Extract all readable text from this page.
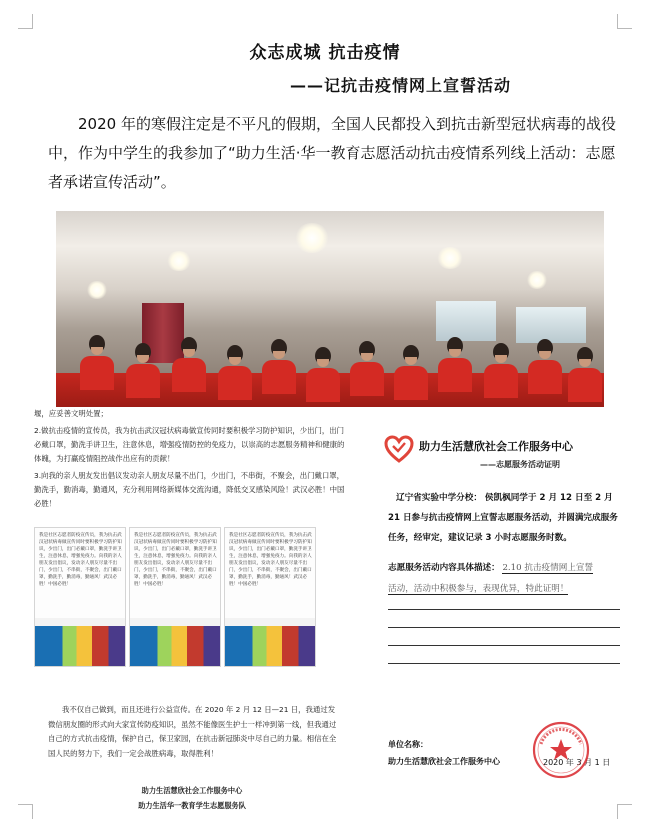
众志成城 抗击疫情
——记抗击疫情网上宣誓活动
2020 年的寒假注定是不平凡的假期，全国人民都投入到抗击新型冠状病毒的战役中，作为中学生的我参加了“助力生活·华一教育志愿活动抗击疫情系列线上活动：志愿者承诺宣传活动”。

堰，应妥善文明处置；

2.做抗击疫情的宣传员，我为抗击武汉冠状病毒做宣传同时要积极学习防护知识，少出门，出门必戴口罩，勤洗手讲卫生，注意休息，增强疫情防控的免疫力，以崇高的志愿服务精神和健康的体魄，为打赢疫情阻控战作出应有的贡献！

3.向我的亲人朋友发出倡议发动亲人朋友尽量不出门，少出门，不串街，不聚会，出门戴口罩，勤洗手，勤消毒，勤通风，充分利用网络新媒体交流沟通，降低交叉感染风险！武汉必胜！中国必胜！

我是社区志愿者防疫宣传员，我为抗击武汉冠状病毒做宣传同时要积极学习防护知识，少出门，出门必戴口罩，勤洗手讲卫生，注意休息，增强免疫力。向我的亲人朋友发出倡议，发动亲人朋友尽量不出门，少出门，不串街，不聚会，出门戴口罩，勤洗手，勤消毒，勤通风！武汉必胜！中国必胜！
我是社区志愿者防疫宣传员，我为抗击武汉冠状病毒做宣传同时要积极学习防护知识，少出门，出门必戴口罩，勤洗手讲卫生，注意休息，增强免疫力。向我的亲人朋友发出倡议，发动亲人朋友尽量不出门，少出门，不串街，不聚会，出门戴口罩，勤洗手，勤消毒，勤通风！武汉必胜！中国必胜！
我是社区志愿者防疫宣传员，我为抗击武汉冠状病毒做宣传同时要积极学习防护知识，少出门，出门必戴口罩，勤洗手讲卫生，注意休息，增强免疫力。向我的亲人朋友发出倡议，发动亲人朋友尽量不出门，少出门，不串街，不聚会，出门戴口罩，勤洗手，勤消毒，勤通风！武汉必胜！中国必胜！
我不仅自己做到，而且还进行公益宣传。在 2020 年 2 月 12 日—21 日，我通过发微信朋友圈的形式向大家宣传防疫知识，虽然不能像医生护士一样冲到第一线，但我通过自己的方式抗击疫情，保护自己，保卫家园，在抗击新冠肺炎中尽自己的力量。相信在全国人民的努力下，我们一定会战胜病毒，取得胜利！
助力生活慧欣社会工作服务中心
助力生活华一教育学生志愿服务队
助力生活慧欣社会工作服务中心
——志愿服务活动证明
辽宁省实验中学分校： 侯凯枫同学于 2 月 12 日至 2 月 21 日参与抗击疫情网上宣誓志愿服务活动，并圆满完成服务任务，经审定，建议记录 3 小时志愿服务时数。
志愿服务活动内容具体描述： 2.10 抗击疫情网上宣誓
活动，活动中积极参与，表现优异，特此证明！
单位名称：
助力生活慧欣社会工作服务中心	2020 年 3 月 1 日
